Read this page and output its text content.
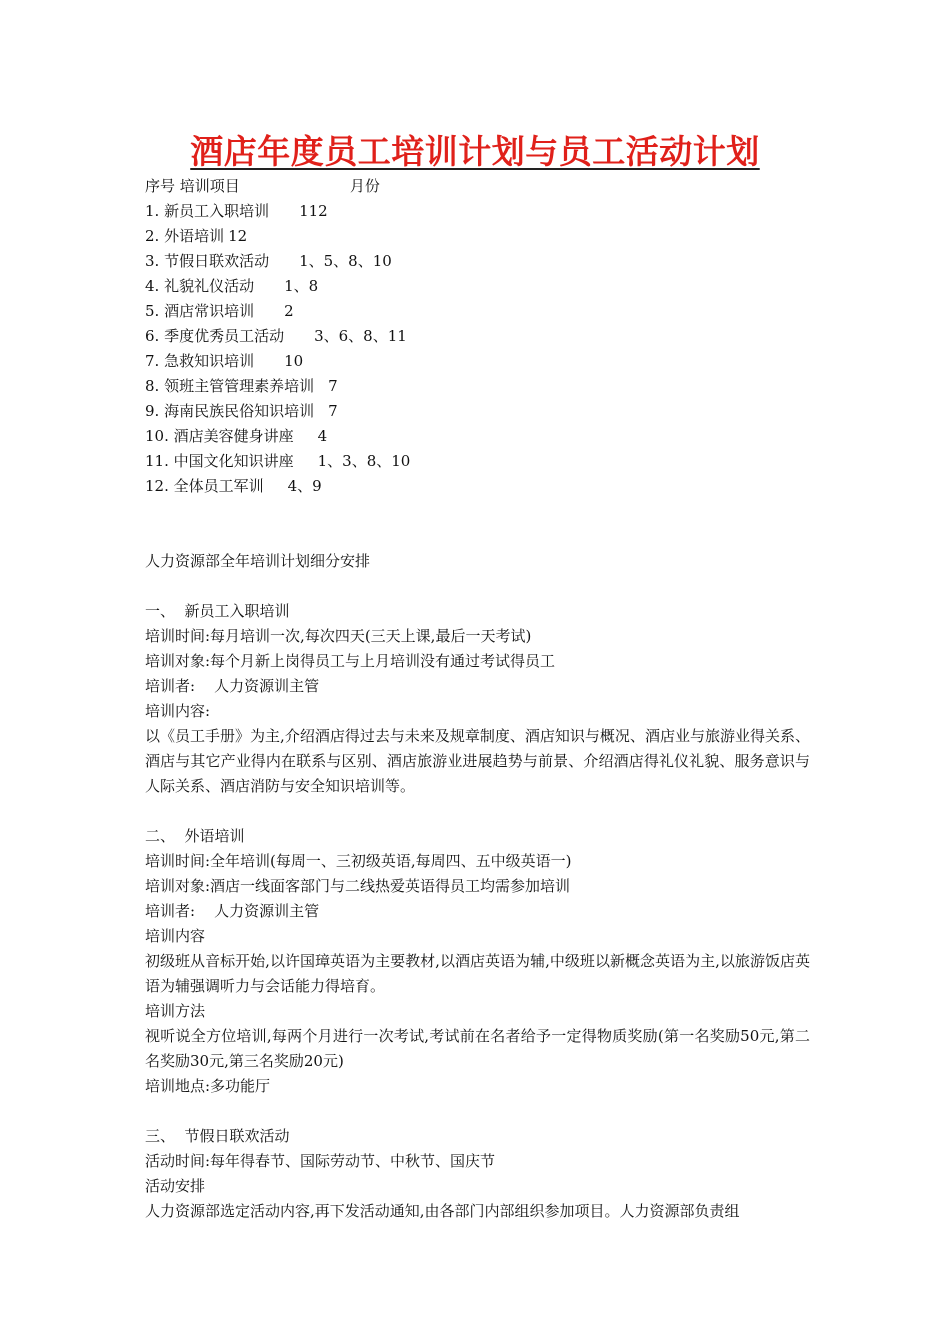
酒店年度员工培训计划与员工活动计划
序号 培训项目	月份
1. 新员工入职培训 112
2. 外语培训 12
3. 节假日联欢活动 1、5、8、10
4. 礼貌礼仪活动 1、8
5. 酒店常识培训 2
6. 季度优秀员工活动 3、6、8、11
7. 急救知识培训 10
8. 领班主管管理素养培训 7
9. 海南民族民俗知识培训 7
10. 酒店美容健身讲座 4
11. 中国文化知识讲座 1、3、8、10
12. 全体员工军训 4、9
人力资源部全年培训计划细分安排
一、  新员工入职培训
培训时间:每月培训一次,每次四天(三天上课,最后一天考试)
培训对象:每个月新上岗得员工与上月培训没有通过考试得员工
培训者:    人力资源训主管
培训内容:
以《员工手册》为主,介绍酒店得过去与未来及规章制度、酒店知识与概况、酒店业与旅游业得关系、酒店与其它产业得内在联系与区别、酒店旅游业进展趋势与前景、介绍酒店得礼仪礼貌、服务意识与人际关系、酒店消防与安全知识培训等。
二、  外语培训
培训时间:全年培训(每周一、三初级英语,每周四、五中级英语一)
培训对象:酒店一线面客部门与二线热爱英语得员工均需参加培训
培训者:    人力资源训主管
培训内容
初级班从音标开始,以许国璋英语为主要教材,以酒店英语为辅,中级班以新概念英语为主,以旅游饭店英语为辅强调听力与会话能力得培育。
培训方法
视听说全方位培训,每两个月进行一次考试,考试前在名者给予一定得物质奖励(第一名奖励50元,第二名奖励30元,第三名奖励20元)
培训地点:多功能厅
三、  节假日联欢活动
活动时间:每年得春节、国际劳动节、中秋节、国庆节
活动安排
人力资源部选定活动内容,再下发活动通知,由各部门内部组织参加项目。人力资源部负责组
